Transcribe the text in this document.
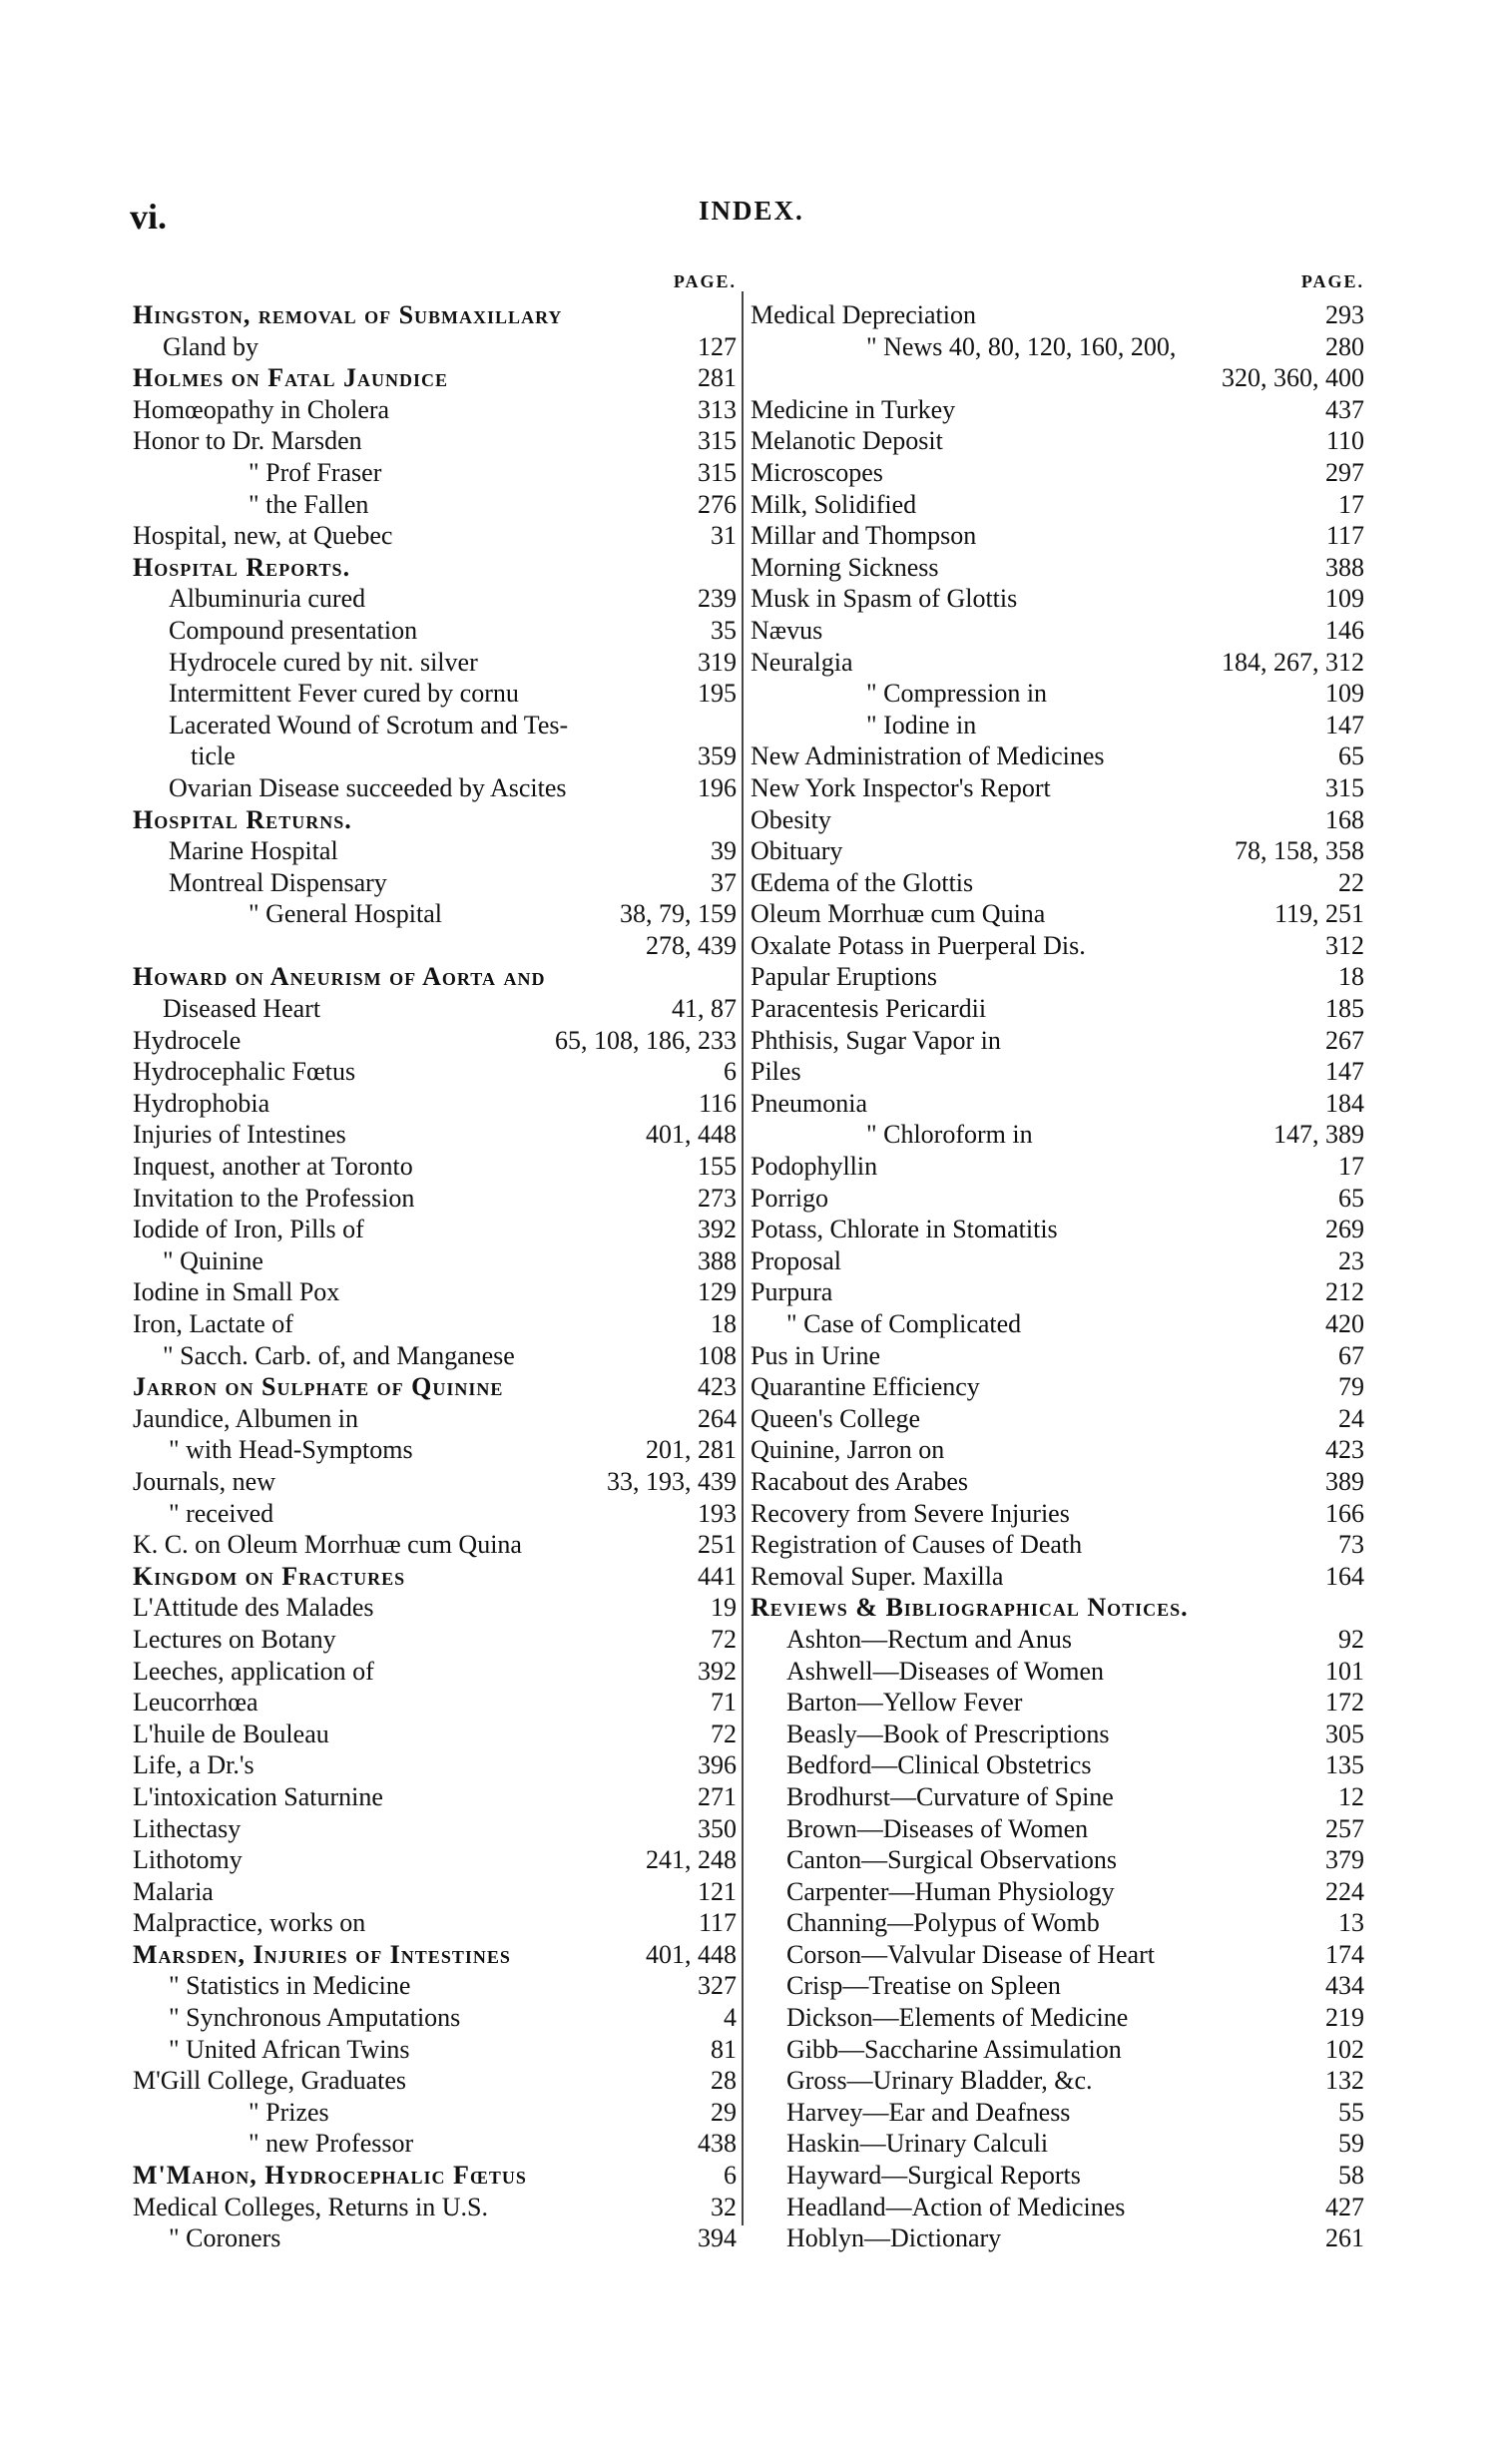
vi.	INDEX.
PAGE.
Hingston, removal of Submaxillary
Gland by	127
Holmes on Fatal Jaundice	281
Homœopathy in Cholera	313
Honor to Dr. Marsden	315
" Prof Fraser	315
" the Fallen	276
Hospital, new, at Quebec	31
Hospital Reports.
Albuminuria cured	239
Compound presentation	35
Hydrocele cured by nit. silver	319
Intermittent Fever cured by cornu	195
Lacerated Wound of Scrotum and Tes-
ticle	359
Ovarian Disease succeeded by Ascites	196
Hospital Returns.
Marine Hospital	39
Montreal Dispensary	37
" General Hospital	38, 79, 159
278, 439
Howard on Aneurism of Aorta and
Diseased Heart	41, 87
Hydrocele	65, 108, 186, 233
Hydrocephalic Fœtus	6
Hydrophobia	116
Injuries of Intestines	401, 448
Inquest, another at Toronto	155
Invitation to the Profession	273
Iodide of Iron, Pills of	392
" Quinine	388
Iodine in Small Pox	129
Iron, Lactate of	18
" Sacch. Carb. of, and Manganese	108
Jarron on Sulphate of Quinine	423
Jaundice, Albumen in	264
" with Head-Symptoms	201, 281
Journals, new	33, 193, 439
" received	193
K. C. on Oleum Morrhuæ cum Quina	251
Kingdom on Fractures	441
L'Attitude des Malades	19
Lectures on Botany	72
Leeches, application of	392
Leucorrhœa	71
L'huile de Bouleau	72
Life, a Dr.'s	396
L'intoxication Saturnine	271
Lithectasy	350
Lithotomy	241, 248
Malaria	121
Malpractice, works on	117
Marsden, Injuries of Intestines	401, 448
" Statistics in Medicine	327
" Synchronous Amputations	4
" United African Twins	81
M'Gill College, Graduates	28
" Prizes	29
" new Professor	438
M'Mahon, Hydrocephalic Fœtus	6
Medical Colleges, Returns in U.S.	32
" Coroners	394
PAGE.
Medical Depreciation	293
" News 40, 80, 120, 160, 200,	280
320, 360, 400
Medicine in Turkey	437
Melanotic Deposit	110
Microscopes	297
Milk, Solidified	17
Millar and Thompson	117
Morning Sickness	388
Musk in Spasm of Glottis	109
Nævus	146
Neuralgia	184, 267, 312
" Compression in	109
" Iodine in	147
New Administration of Medicines	65
New York Inspector's Report	315
Obesity	168
Obituary	78, 158, 358
Œdema of the Glottis	22
Oleum Morrhuæ cum Quina	119, 251
Oxalate Potass in Puerperal Dis.	312
Papular Eruptions	18
Paracentesis Pericardii	185
Phthisis, Sugar Vapor in	267
Piles	147
Pneumonia	184
" Chloroform in	147, 389
Podophyllin	17
Porrigo	65
Potass, Chlorate in Stomatitis	269
Proposal	23
Purpura	212
" Case of Complicated	420
Pus in Urine	67
Quarantine Efficiency	79
Queen's College	24
Quinine, Jarron on	423
Racabout des Arabes	389
Recovery from Severe Injuries	166
Registration of Causes of Death	73
Removal Super. Maxilla	164
Reviews & Bibliographical Notices.
Ashton—Rectum and Anus	92
Ashwell—Diseases of Women	101
Barton—Yellow Fever	172
Beasly—Book of Prescriptions	305
Bedford—Clinical Obstetrics	135
Brodhurst—Curvature of Spine	12
Brown—Diseases of Women	257
Canton—Surgical Observations	379
Carpenter—Human Physiology	224
Channing—Polypus of Womb	13
Corson—Valvular Disease of Heart	174
Crisp—Treatise on Spleen	434
Dickson—Elements of Medicine	219
Gibb—Saccharine Assimulation	102
Gross—Urinary Bladder, &c.	132
Harvey—Ear and Deafness	55
Haskin—Urinary Calculi	59
Hayward—Surgical Reports	58
Headland—Action of Medicines	427
Hoblyn—Dictionary	261
